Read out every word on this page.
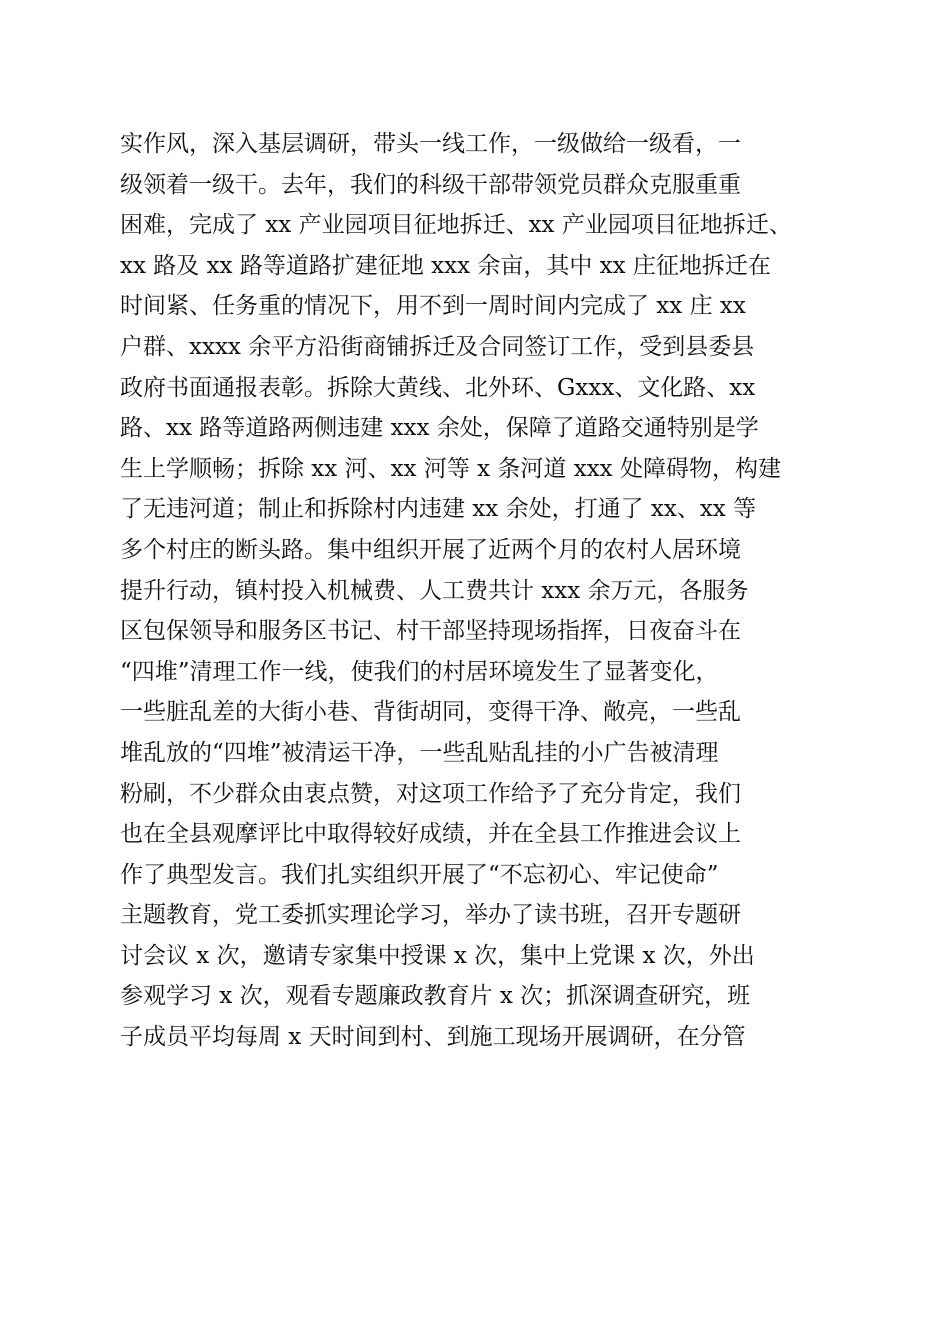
实作风，深入基层调研，带头一线工作，一级做给一级看，一
级领着一级干。去年，我们的科级干部带领党员群众克服重重
困难，完成了 xx 产业园项目征地拆迁、xx 产业园项目征地拆迁、
xx 路及 xx 路等道路扩建征地 xxx 余亩，其中 xx 庄征地拆迁在
时间紧、任务重的情况下，用不到一周时间内完成了 xx 庄 xx
户群、xxxx 余平方沿街商铺拆迁及合同签订工作，受到县委县
政府书面通报表彰。拆除大黄线、北外环、Gxxx、文化路、xx
路、xx 路等道路两侧违建 xxx 余处，保障了道路交通特别是学
生上学顺畅；拆除 xx 河、xx 河等 x 条河道 xxx 处障碍物，构建
了无违河道；制止和拆除村内违建 xx 余处，打通了 xx、xx 等
多个村庄的断头路。集中组织开展了近两个月的农村人居环境
提升行动，镇村投入机械费、人工费共计 xxx 余万元，各服务
区包保领导和服务区书记、村干部坚持现场指挥，日夜奋斗在
“四堆”清理工作一线，使我们的村居环境发生了显著变化，
一些脏乱差的大街小巷、背街胡同，变得干净、敞亮，一些乱
堆乱放的“四堆”被清运干净，一些乱贴乱挂的小广告被清理
粉刷，不少群众由衷点赞，对这项工作给予了充分肯定，我们
也在全县观摩评比中取得较好成绩，并在全县工作推进会议上
作了典型发言。我们扎实组织开展了“不忘初心、牢记使命”
主题教育，党工委抓实理论学习，举办了读书班，召开专题研
讨会议 x 次，邀请专家集中授课 x 次，集中上党课 x 次，外出
参观学习 x 次，观看专题廉政教育片 x 次；抓深调查研究，班
子成员平均每周 x 天时间到村、到施工现场开展调研，在分管
